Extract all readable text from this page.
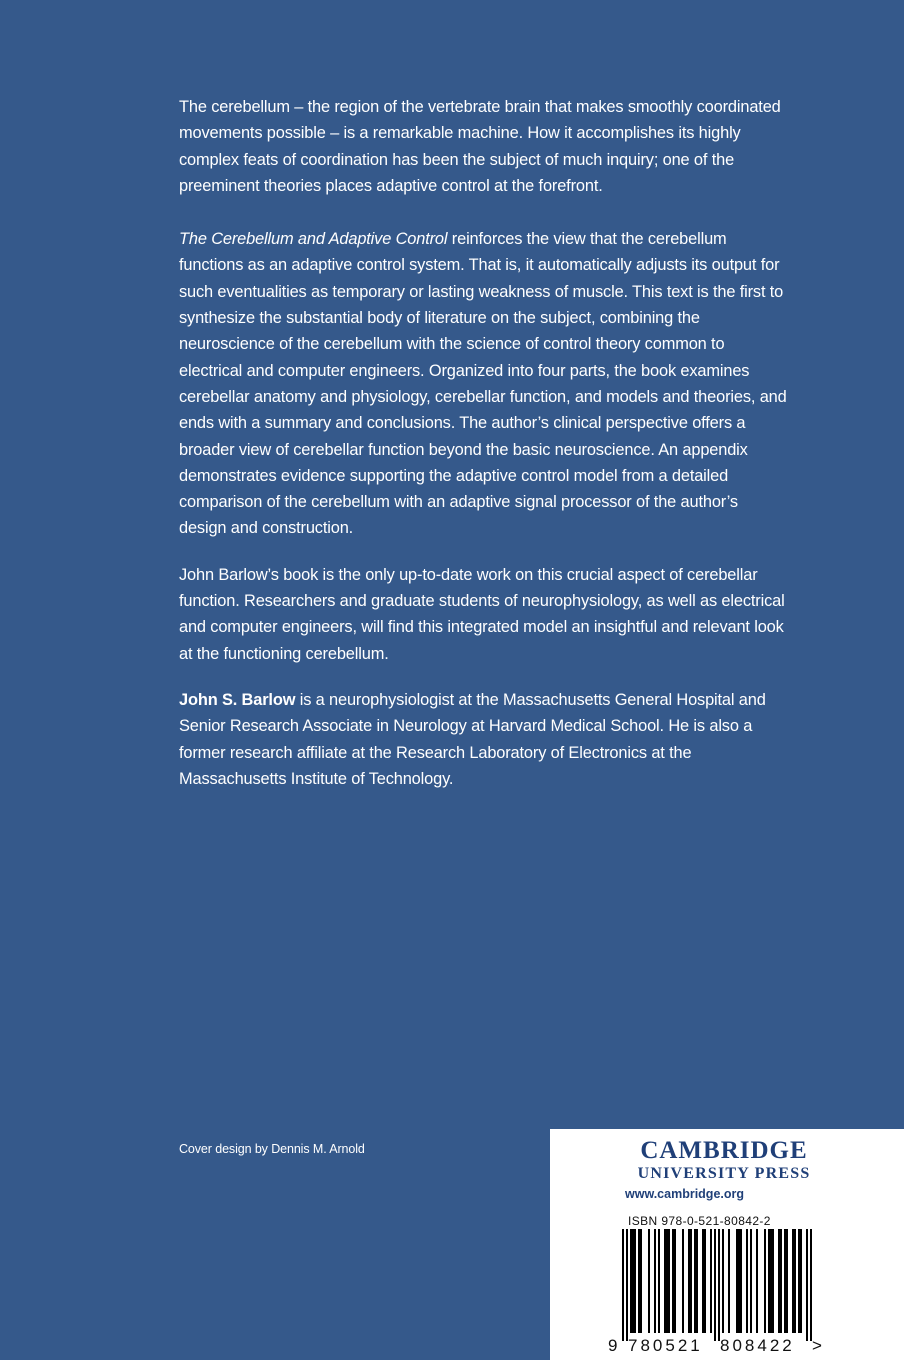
The cerebellum – the region of the vertebrate brain that makes smoothly coordinated movements possible – is a remarkable machine. How it accomplishes its highly complex feats of coordination has been the subject of much inquiry; one of the preeminent theories places adaptive control at the forefront.

The Cerebellum and Adaptive Control reinforces the view that the cerebellum functions as an adaptive control system. That is, it automatically adjusts its output for such eventualities as temporary or lasting weakness of muscle. This text is the first to synthesize the substantial body of literature on the subject, combining the neuroscience of the cerebellum with the science of control theory common to electrical and computer engineers. Organized into four parts, the book examines cerebellar anatomy and physiology, cerebellar function, and models and theories, and ends with a summary and conclusions. The author’s clinical perspective offers a broader view of cerebellar function beyond the basic neuroscience. An appendix demonstrates evidence supporting the adaptive control model from a detailed comparison of the cerebellum with an adaptive signal processor of the author’s design and construction.

John Barlow’s book is the only up-to-date work on this crucial aspect of cerebellar function. Researchers and graduate students of neurophysiology, as well as electrical and computer engineers, will find this integrated model an insightful and relevant look at the functioning cerebellum.

John S. Barlow is a neurophysiologist at the Massachusetts General Hospital and Senior Research Associate in Neurology at Harvard Medical School. He is also a former research affiliate at the Research Laboratory of Electronics at the Massachusetts Institute of Technology.

Cover design by Dennis M. Arnold	CAMBRIDGE
UNIVERSITY PRESS
www.cambridge.org
ISBN 978-0-521-80842-2
9 780521 808422 >
